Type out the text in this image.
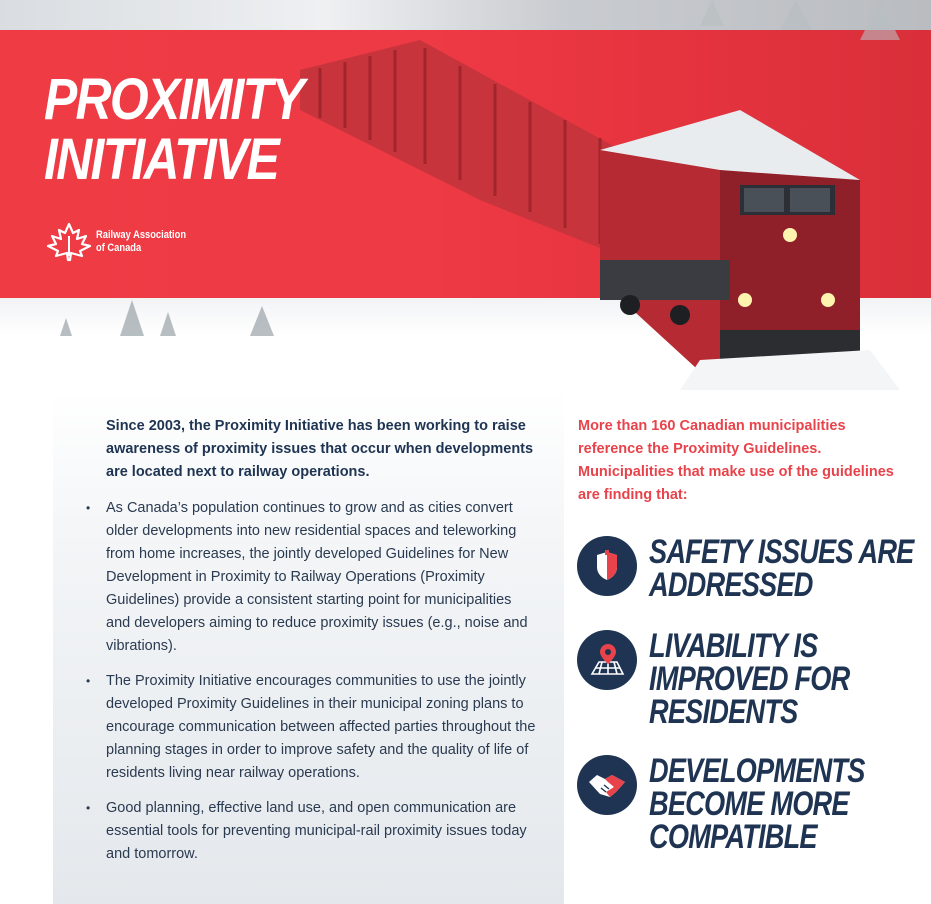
PROXIMITY
INITIATIVE
Railway Association
of Canada

Since 2003, the Proximity Initiative has been working to raise awareness of proximity issues that occur when developments are located next to railway operations.

• As Canada’s population continues to grow and as cities convert older developments into new residential spaces and teleworking from home increases, the jointly developed Guidelines for New Development in Proximity to Railway Operations (Proximity Guidelines) provide a consistent starting point for municipalities and developers aiming to reduce proximity issues (e.g., noise and vibrations).
• The Proximity Initiative encourages communities to use the jointly developed Proximity Guidelines in their municipal zoning plans to encourage communication between affected parties throughout the planning stages in order to improve safety and the quality of life of residents living near railway operations.
• Good planning, effective land use, and open communication are essential tools for preventing municipal-rail proximity issues today and tomorrow.

More than 160 Canadian municipalities reference the Proximity Guidelines. Municipalities that make use of the guidelines are finding that:

SAFETY ISSUES ARE
ADDRESSED
LIVABILITY IS
IMPROVED FOR
RESIDENTS
DEVELOPMENTS
BECOME MORE
COMPATIBLE
